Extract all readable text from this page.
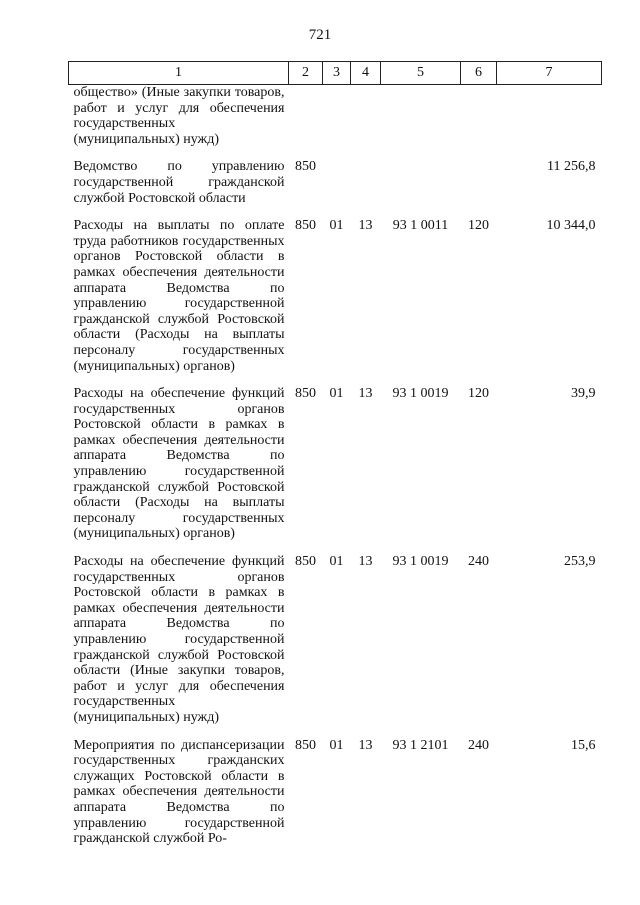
721
1	2	3	4	5	6	7
общество» (Иные закупки товаров, работ и услуг для обеспечения государственных (муниципальных) нужд)						
Ведомство по управлению государственной гражданской службой Ростовской области	850					11 256,8
Расходы на выплаты по оплате труда работников государственных органов Ростовской области в рамках обеспечения деятельности аппарата Ведомства по управлению государственной гражданской службой Ростовской области (Расходы на выплаты персоналу государственных (муниципальных) органов)	850	01	13	93 1 0011	120	10 344,0
Расходы на обеспечение функций государственных органов Ростовской области в рамках в рамках обеспечения деятельности аппарата Ведомства по управлению государственной гражданской службой Ростовской области (Расходы на выплаты персоналу государственных (муниципальных) органов)	850	01	13	93 1 0019	120	39,9
Расходы на обеспечение функций государственных органов Ростовской области в рамках в рамках обеспечения деятельности аппарата Ведомства по управлению государственной гражданской службой Ростовской области (Иные закупки товаров, работ и услуг для обеспечения государственных (муниципальных) нужд)	850	01	13	93 1 0019	240	253,9
Мероприятия по диспансеризации государственных гражданских служащих Ростовской области в рамках обеспечения деятельности аппарата Ведомства по управлению государственной гражданской службой Ро-	850	01	13	93 1 2101	240	15,6
